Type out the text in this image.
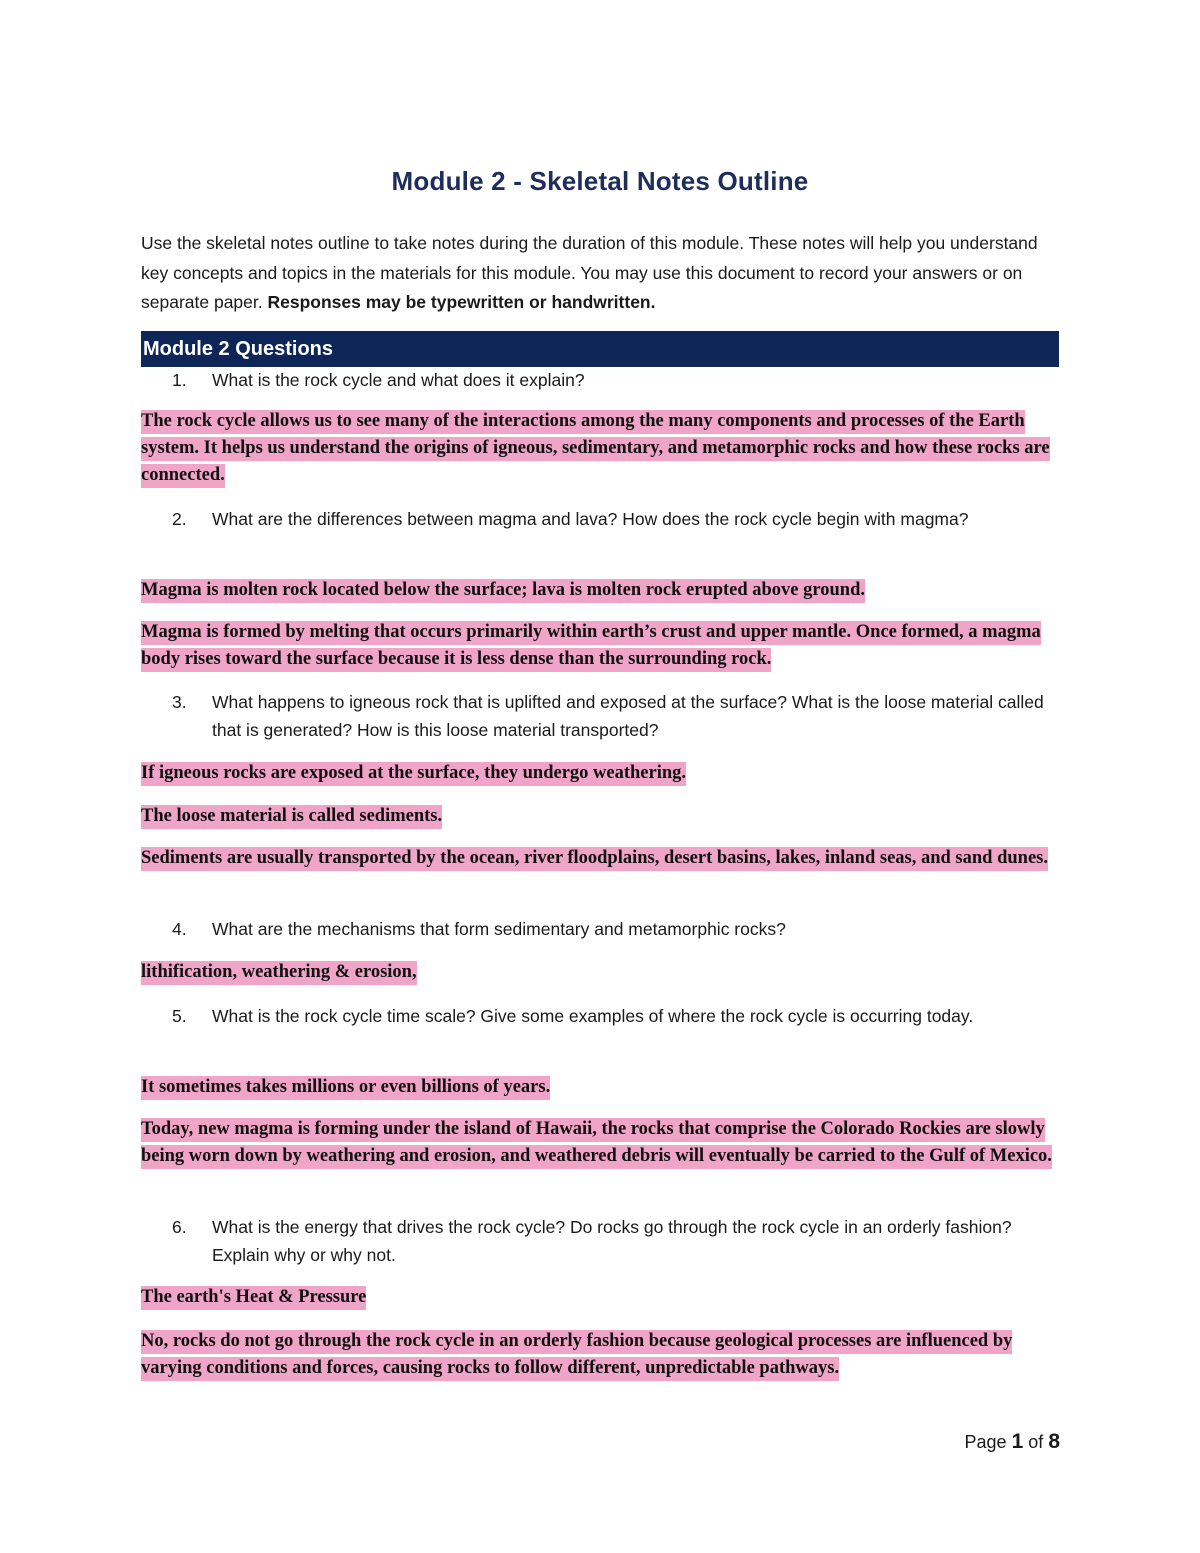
Module 2 - Skeletal Notes Outline
Use the skeletal notes outline to take notes during the duration of this module. These notes will help you understand key concepts and topics in the materials for this module. You may use this document to record your answers or on separate paper. Responses may be typewritten or handwritten.
Module 2 Questions
1.	What is the rock cycle and what does it explain?
The rock cycle allows us to see many of the interactions among the many components and processes of the Earth system. It helps us understand the origins of igneous, sedimentary, and metamorphic rocks and how these rocks are connected.
2.	What are the differences between magma and lava? How does the rock cycle begin with magma?
Magma is molten rock located below the surface; lava is molten rock erupted above ground.
Magma is formed by melting that occurs primarily within earth’s crust and upper mantle. Once formed, a magma body rises toward the surface because it is less dense than the surrounding rock.
3.	What happens to igneous rock that is uplifted and exposed at the surface? What is the loose material called that is generated? How is this loose material transported?
If igneous rocks are exposed at the surface, they undergo weathering.
The loose material is called sediments.
Sediments are usually transported by the ocean, river floodplains, desert basins, lakes, inland seas, and sand dunes.
4.	What are the mechanisms that form sedimentary and metamorphic rocks?
lithification, weathering & erosion,
5.	What is the rock cycle time scale? Give some examples of where the rock cycle is occurring today.
It sometimes takes millions or even billions of years.
Today, new magma is forming under the island of Hawaii, the rocks that comprise the Colorado Rockies are slowly being worn down by weathering and erosion, and weathered debris will eventually be carried to the Gulf of Mexico.
6.	What is the energy that drives the rock cycle? Do rocks go through the rock cycle in an orderly fashion? Explain why or why not.
The earth's Heat & Pressure
No, rocks do not go through the rock cycle in an orderly fashion because geological processes are influenced by varying conditions and forces, causing rocks to follow different, unpredictable pathways.
Page 1 of 8
